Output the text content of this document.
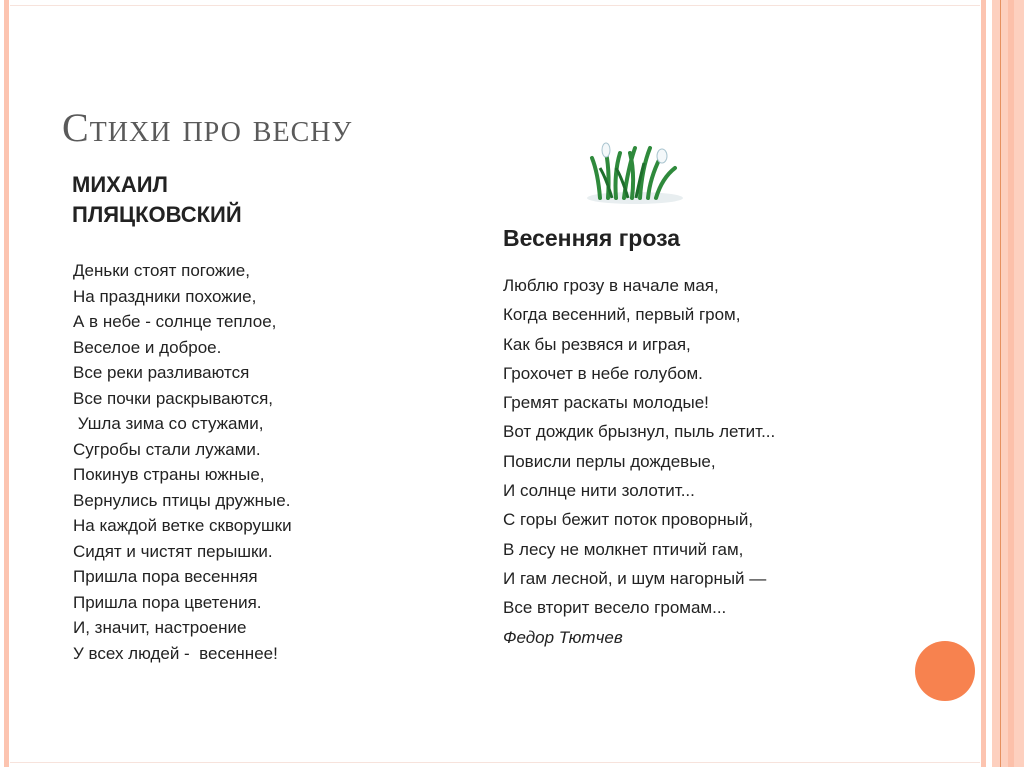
Стихи про весну
МИХАИЛ
ПЛЯЦКОВСКИЙ
Деньки стоят погожие,
На праздники похожие,
А в небе - солнце теплое,
Веселое и доброе.
Все реки разливаются
Все почки раскрываются,
Ушла зима со стужами,
Сугробы стали лужами.
Покинув страны южные,
Вернулись птицы дружные.
На каждой ветке скворушки
Сидят и чистят перышки.
Пришла пора весенняя
Пришла пора цветения.
И, значит, настроение
У всех людей -  весеннее!
Весенняя гроза
Люблю грозу в начале мая,
Когда весенний, первый гром,
Как бы резвяся и играя,
Грохочет в небе голубом.
Гремят раскаты молодые!
Вот дождик брызнул, пыль летит...
Повисли перлы дождевые,
И солнце нити золотит...
С горы бежит поток проворный,
В лесу не молкнет птичий гам,
И гам лесной, и шум нагорный —
Все вторит весело громам...
Федор Тютчев
